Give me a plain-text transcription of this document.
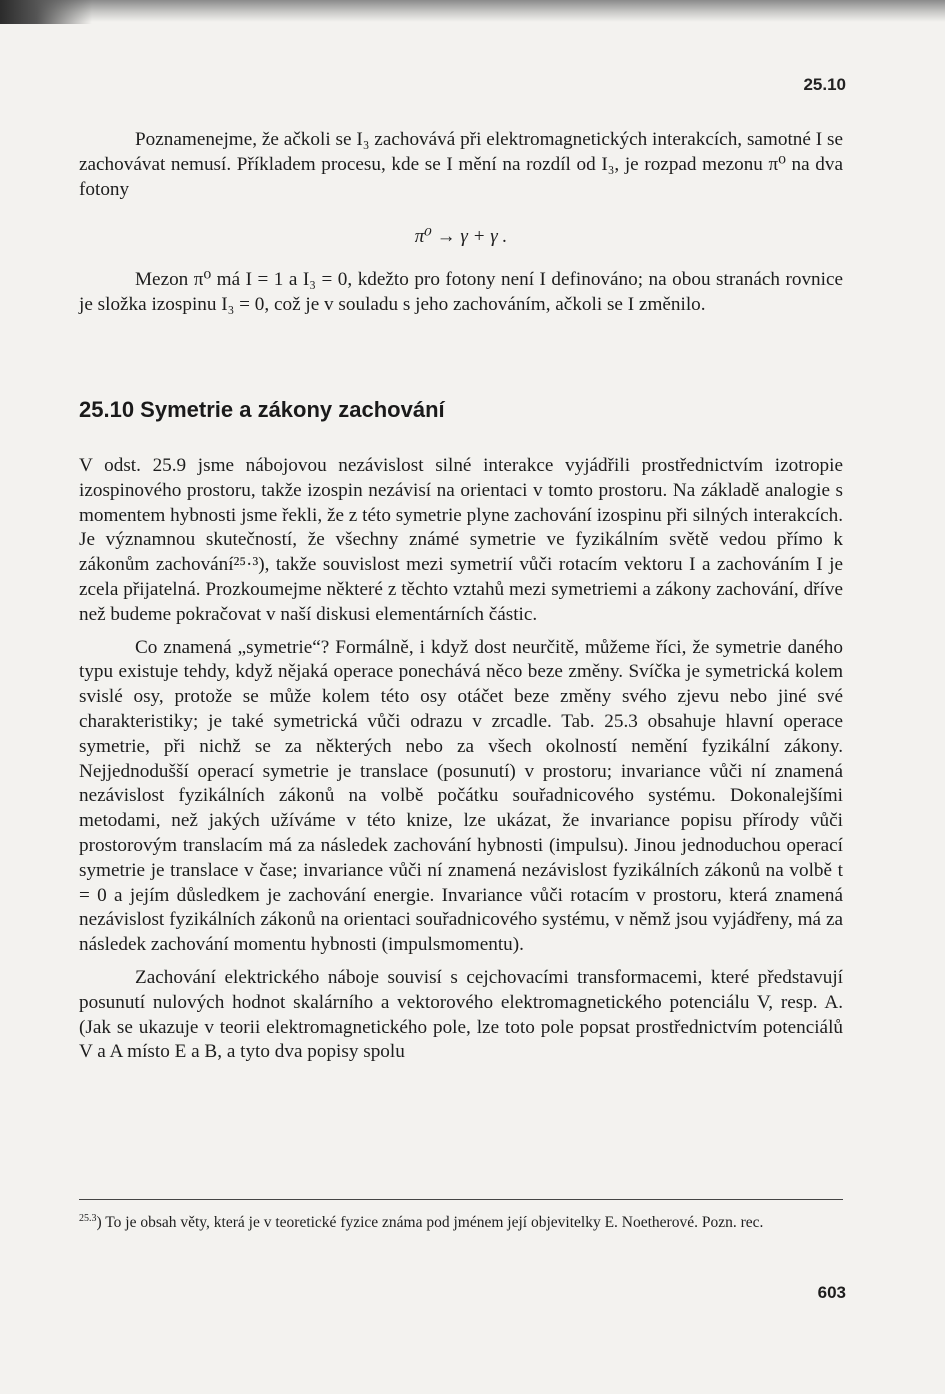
25.10

Poznamenejme, že ačkoli se I₃ zachovává při elektromagnetických interakcích, samotné I se zachovávat nemusí. Příkladem procesu, kde se I mění na rozdíl od I₃, je rozpad mezonu π⁰ na dva fotony

π⁰ → γ + γ .

Mezon π⁰ má I = 1 a I₃ = 0, kdežto pro fotony není I definováno; na obou stranách rovnice je složka izospinu I₃ = 0, což je v souladu s jeho zachováním, ačkoli se I změnilo.

25.10 Symetrie a zákony zachování

V odst. 25.9 jsme nábojovou nezávislost silné interakce vyjádřili prostřednictvím izotropie izospinového prostoru, takže izospin nezávisí na orientaci v tomto prostoru. Na základě analogie s momentem hybnosti jsme řekli, že z této symetrie plyne zachování izospinu při silných interakcích. Je významnou skutečností, že všechny známé symetrie ve fyzikálním světě vedou přímo k zákonům zachování²⁵·³), takže souvislost mezi symetrií vůči rotacím vektoru I a zachováním I je zcela přijatelná. Prozkoumejme některé z těchto vztahů mezi symetriemi a zákony zachování, dříve než budeme pokračovat v naší diskusi elementárních částic.

Co znamená „symetrie“? Formálně, i když dost neurčitě, můžeme říci, že symetrie daného typu existuje tehdy, když nějaká operace ponechává něco beze změny. Svíčka je symetrická kolem svislé osy, protože se může kolem této osy otáčet beze změny svého zjevu nebo jiné své charakteristiky; je také symetrická vůči odrazu v zrcadle. Tab. 25.3 obsahuje hlavní operace symetrie, při nichž se za některých nebo za všech okolností nemění fyzikální zákony. Nejjednodušší operací symetrie je translace (posunutí) v prostoru; invariance vůči ní znamená nezávislost fyzikálních zákonů na volbě počátku souřadnicového systému. Dokonalejšími metodami, než jakých užíváme v této knize, lze ukázat, že invariance popisu přírody vůči prostorovým translacím má za následek zachování hybnosti (impulsu). Jinou jednoduchou operací symetrie je translace v čase; invariance vůči ní znamená nezávislost fyzikálních zákonů na volbě t = 0 a jejím důsledkem je zachování energie. Invariance vůči rotacím v prostoru, která znamená nezávislost fyzikálních zákonů na orientaci souřadnicového systému, v němž jsou vyjádřeny, má za následek zachování momentu hybnosti (impulsmomentu).

Zachování elektrického náboje souvisí s cejchovacími transformacemi, které představují posunutí nulových hodnot skalárního a vektorového elektromagnetického potenciálu V, resp. A. (Jak se ukazuje v teorii elektromagnetického pole, lze toto pole popsat prostřednictvím potenciálů V a A místo E a B, a tyto dva popisy spolu

$^{25.3}$) To je obsah věty, která je v teoretické fyzice známa pod jménem její objevitelky E. Noetherové. Pozn. rec.
603
